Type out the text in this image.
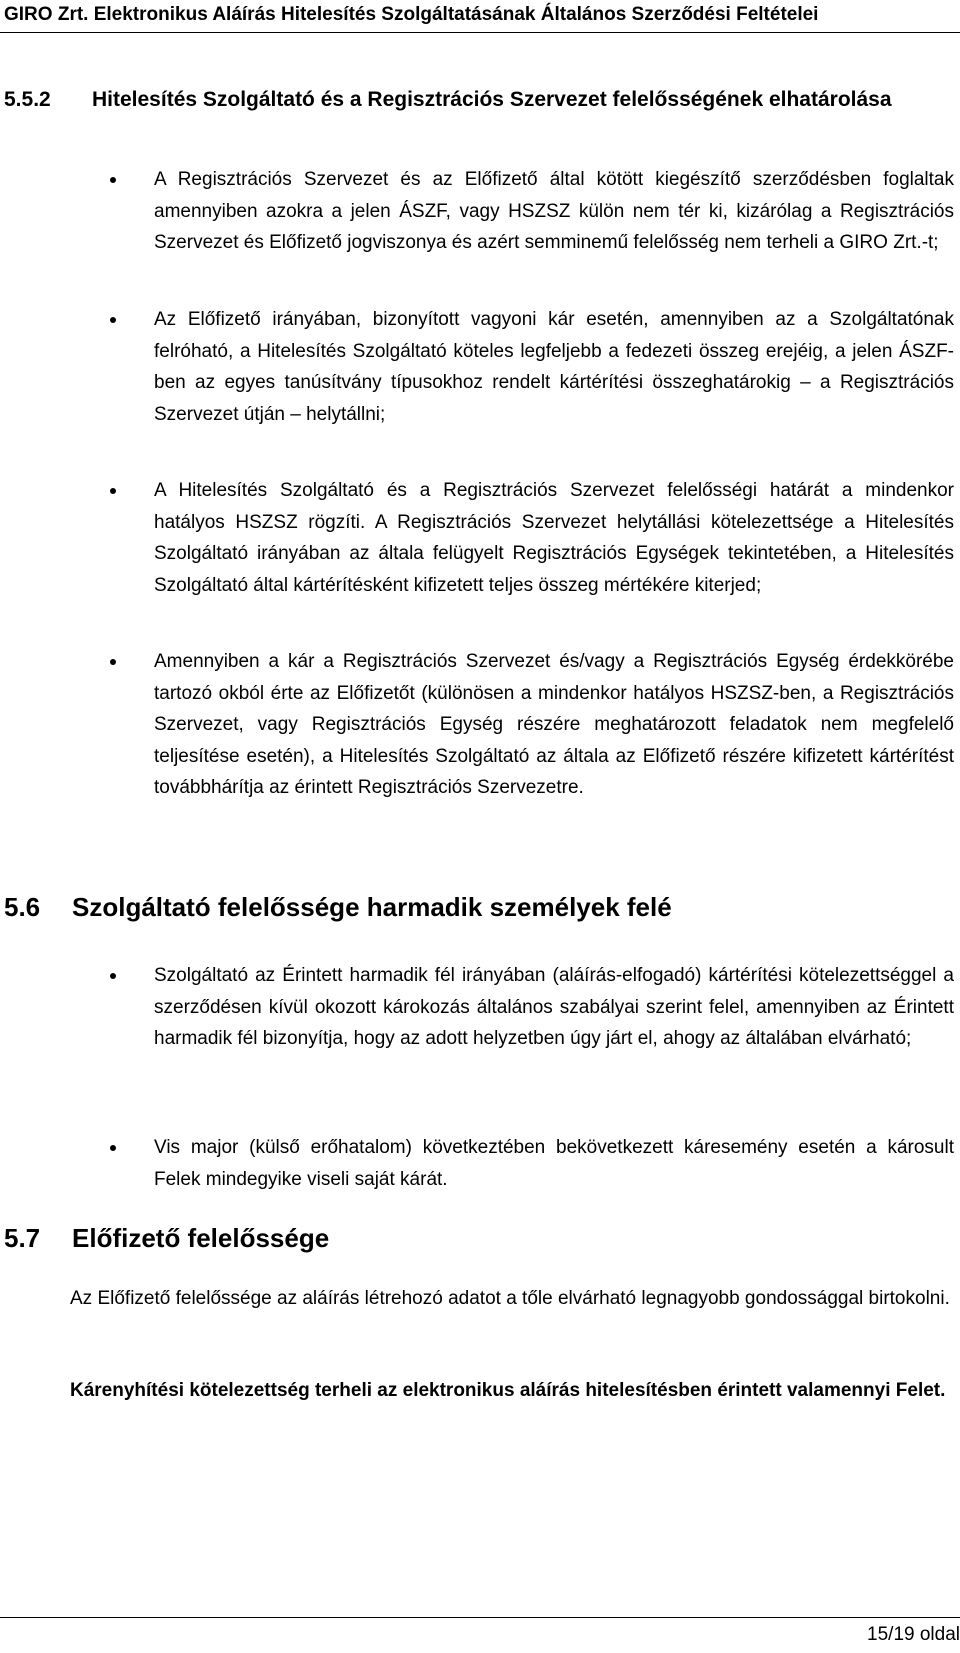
GIRO Zrt. Elektronikus Aláírás Hitelesítés Szolgáltatásának Általános Szerződési Feltételei
5.5.2 Hitelesítés Szolgáltató és a Regisztrációs Szervezet felelősségének elhatárolása
A Regisztrációs Szervezet és az Előfizető által kötött kiegészítő szerződésben foglaltak amennyiben azokra a jelen ÁSZF, vagy HSZSZ külön nem tér ki, kizárólag a Regisztrációs Szervezet és Előfizető jogviszonya és azért semminemű felelősség nem terheli a GIRO Zrt.-t;
Az Előfizető irányában, bizonyított vagyoni kár esetén, amennyiben az a Szolgáltatónak felróható, a Hitelesítés Szolgáltató köteles legfeljebb a fedezeti összeg erejéig, a jelen ÁSZF-ben az egyes tanúsítvány típusokhoz rendelt kártérítési összeghatárokig – a Regisztrációs Szervezet útján – helytállni;
A Hitelesítés Szolgáltató és a Regisztrációs Szervezet felelősségi határát a mindenkor hatályos HSZSZ rögzíti. A Regisztrációs Szervezet helytállási kötelezettsége a Hitelesítés Szolgáltató irányában az általa felügyelt Regisztrációs Egységek tekintetében, a Hitelesítés Szolgáltató által kártérítésként kifizetett teljes összeg mértékére kiterjed;
Amennyiben a kár a Regisztrációs Szervezet és/vagy a Regisztrációs Egység érdekkörébe tartozó okból érte az Előfizetőt (különösen a mindenkor hatályos HSZSZ-ben, a Regisztrációs Szervezet, vagy Regisztrációs Egység részére meghatározott feladatok nem megfelelő teljesítése esetén), a Hitelesítés Szolgáltató az általa az Előfizető részére kifizetett kártérítést továbbhárítja az érintett Regisztrációs Szervezetre.
5.6 Szolgáltató felelőssége harmadik személyek felé
Szolgáltató az Érintett harmadik fél irányában (aláírás-elfogadó) kártérítési kötelezettséggel a szerződésen kívül okozott károkozás általános szabályai szerint felel, amennyiben az Érintett harmadik fél bizonyítja, hogy az adott helyzetben úgy járt el, ahogy az általában elvárható;
Vis major (külső erőhatalom) következtében bekövetkezett káresemény esetén a károsult Felek mindegyike viseli saját kárát.
5.7 Előfizető felelőssége
Az Előfizető felelőssége az aláírás létrehozó adatot a tőle elvárható legnagyobb gondossággal birtokolni.
Kárenyhítési kötelezettség terheli az elektronikus aláírás hitelesítésben érintett valamennyi Felet.
15/19 oldal
